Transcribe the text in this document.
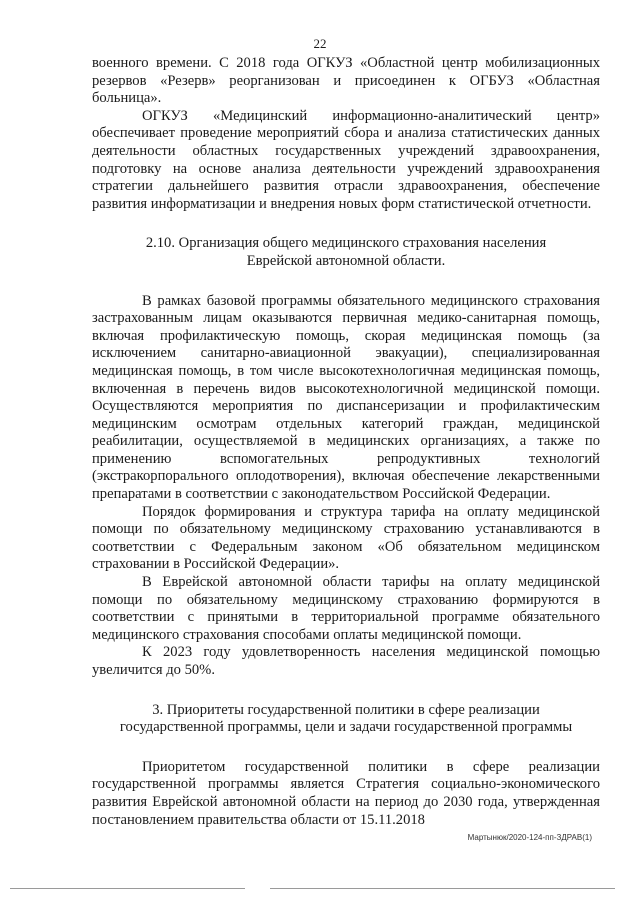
22

военного времени. С 2018 года ОГКУЗ «Областной центр мобилизационных резервов «Резерв» реорганизован и присоединен к ОГБУЗ «Областная больница».

ОГКУЗ «Медицинский информационно-аналитический центр» обеспечивает проведение мероприятий сбора и анализа статистических данных деятельности областных государственных учреждений здравоохранения, подготовку на основе анализа деятельности учреждений здравоохранения стратегии дальнейшего развития отрасли здравоохранения, обеспечение развития информатизации и внедрения новых форм статистической отчетности.

2.10. Организация общего медицинского страхования населения

Еврейской автономной области.

В рамках базовой программы обязательного медицинского страхования застрахованным лицам оказываются первичная медико-санитарная помощь, включая профилактическую помощь, скорая медицинская помощь (за исключением санитарно-авиационной эвакуации), специализированная медицинская помощь, в том числе высокотехнологичная медицинская помощь, включенная в перечень видов высокотехнологичной медицинской помощи. Осуществляются мероприятия по диспансеризации и профилактическим медицинским осмотрам отдельных категорий граждан, медицинской реабилитации, осуществляемой в медицинских организациях, а также по применению вспомогательных репродуктивных технологий (экстракорпорального оплодотворения), включая обеспечение лекарственными препаратами в соответствии с законодательством Российской Федерации.

Порядок формирования и структура тарифа на оплату медицинской помощи по обязательному медицинскому страхованию устанавливаются в соответствии с Федеральным законом «Об обязательном медицинском страховании в Российской Федерации».

В Еврейской автономной области тарифы на оплату медицинской помощи по обязательному медицинскому страхованию формируются в соответствии с принятыми в территориальной программе обязательного медицинского страхования способами оплаты медицинской помощи.

К 2023 году удовлетворенность населения медицинской помощью увеличится до 50%.

3. Приоритеты государственной политики в сфере реализации

государственной программы, цели и задачи государственной программы

Приоритетом государственной политики в сфере реализации государственной программы является Стратегия социально-экономического развития Еврейской автономной области на период до 2030 года, утвержденная постановлением правительства области от 15.11.2018

Мартынюк/2020-124-пп-ЗДРАВ(1)
